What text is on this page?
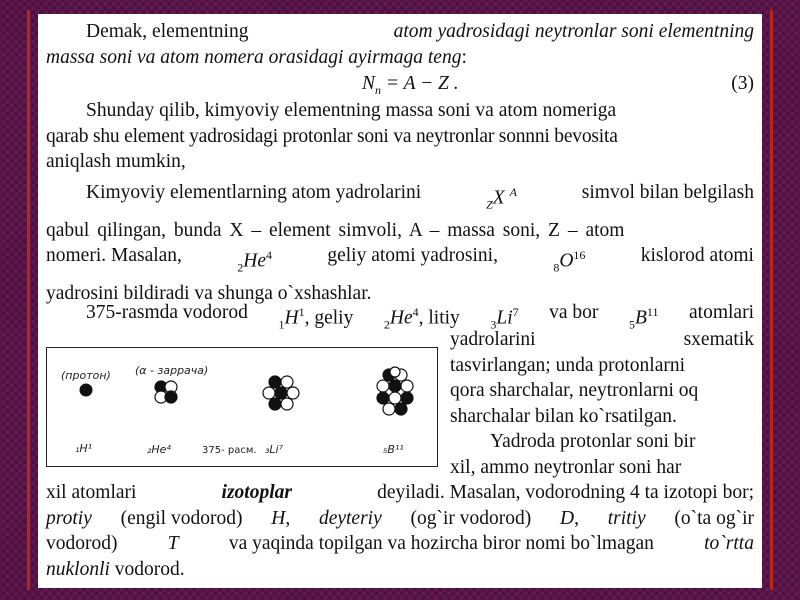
Demak, elementning	atom yadrosidagi neytronlar soni elementning
massa soni va atom nomera orasidagi ayirmaga teng:
$N_n = A - Z$ .	(3)
Shunday qilib, kimyoviy elementning massa soni va atom nomeriga
qarab shu element yadrosidagi protonlar soni va neytronlar sonnni bevosita
aniqlash mumkin,
Kimyoviy elementlarning atom yadrolarini
$_Z$X $^A$	simvol bilan belgilash
qabul qilingan, bunda X – element simvoli, A – massa soni, Z – atom
nomeri. Masalan,
$_2He^4$	geliy atomi yadrosini,
$_8O^{16}$	kislorod atomi
yadrosini bildiradi va shunga o`xshashlar.
375-rasmda vodorod
$_1H^1$, geliy	$_2He^4$, litiy	$_3Li^7$ va bor
$_5B^{11}$ atomlari
(протон) (α - заррача)
₁H¹	₂He⁴	₃Li⁷	₅B¹¹
375- pacм.
yadrolarini	sxematik
tasvirlangan; unda protonlarni
qora sharchalar, neytronlarni oq
sharchalar bilan ko`rsatilgan.
Yadroda protonlar soni bir
xil, ammo neytronlar soni har
xil atomlari	izotoplar	deyiladi. Masalan, vodorodning 4 ta izotopi bor;
protiy (engil vodorod) H, deyteriy (og`ir vodorod) D, tritiy (o`ta og`ir
vodorod)	T	va yaqinda topilgan va hozircha biror nomi bo`lmagan	to`rtta
nuklonli vodorod.
